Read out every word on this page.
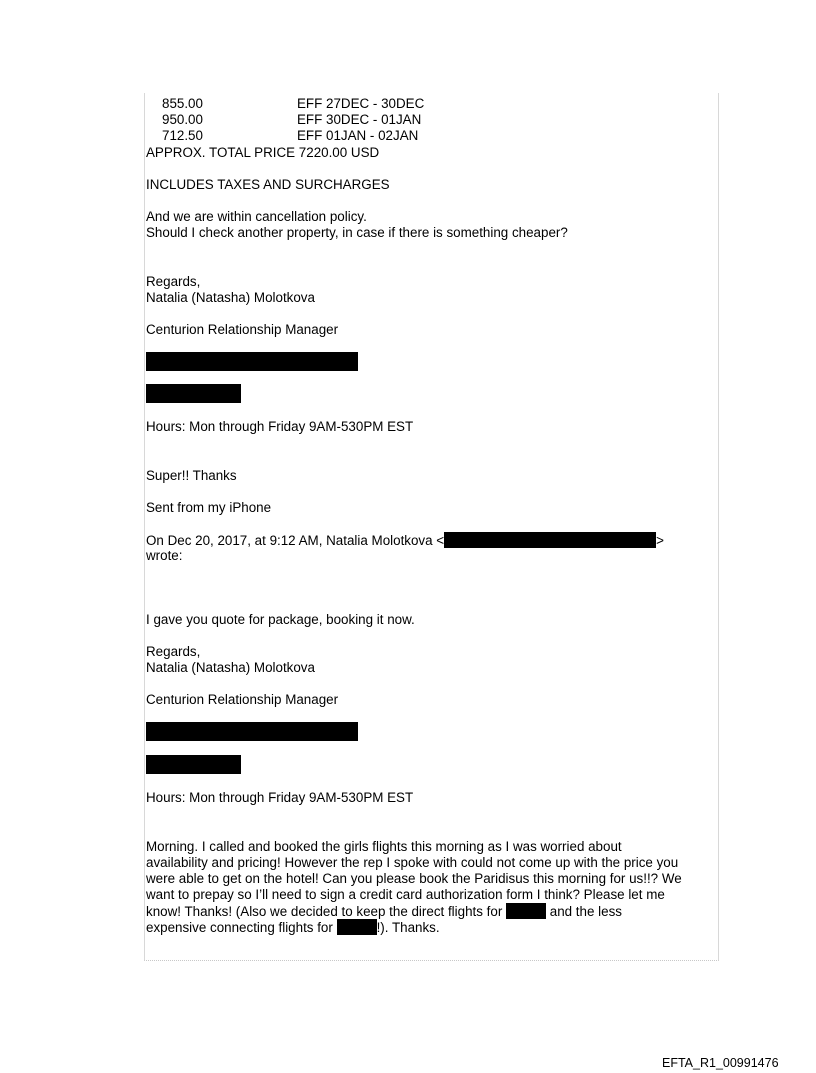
855.00	EFF 27DEC - 30DEC
950.00	EFF 30DEC - 01JAN
712.50	EFF 01JAN - 02JAN
APPROX. TOTAL PRICE 7220.00 USD
INCLUDES TAXES AND SURCHARGES
And we are within cancellation policy.
Should I check another property, in case if there is something cheaper?
Regards,
Natalia (Natasha) Molotkova
Centurion Relationship Manager
Hours: Mon through Friday 9AM-530PM EST
Super!! Thanks
Sent from my iPhone
On Dec 20, 2017, at 9:12 AM, Natalia Molotkova <	>
wrote:
I gave you quote for package, booking it now.
Regards,
Natalia (Natasha) Molotkova
Centurion Relationship Manager
Hours: Mon through Friday 9AM-530PM EST
Morning. I called and booked the girls flights this morning as I was worried about
availability and pricing! However the rep I spoke with could not come up with the price you
were able to get on the hotel! Can you please book the Paridisus this morning for us!!? We
want to prepay so I’ll need to sign a credit card authorization form I think? Please let me
know! Thanks! (Also we decided to keep the direct flights for	and the less
expensive connecting flights for	!). Thanks.
EFTA_R1_00991476
